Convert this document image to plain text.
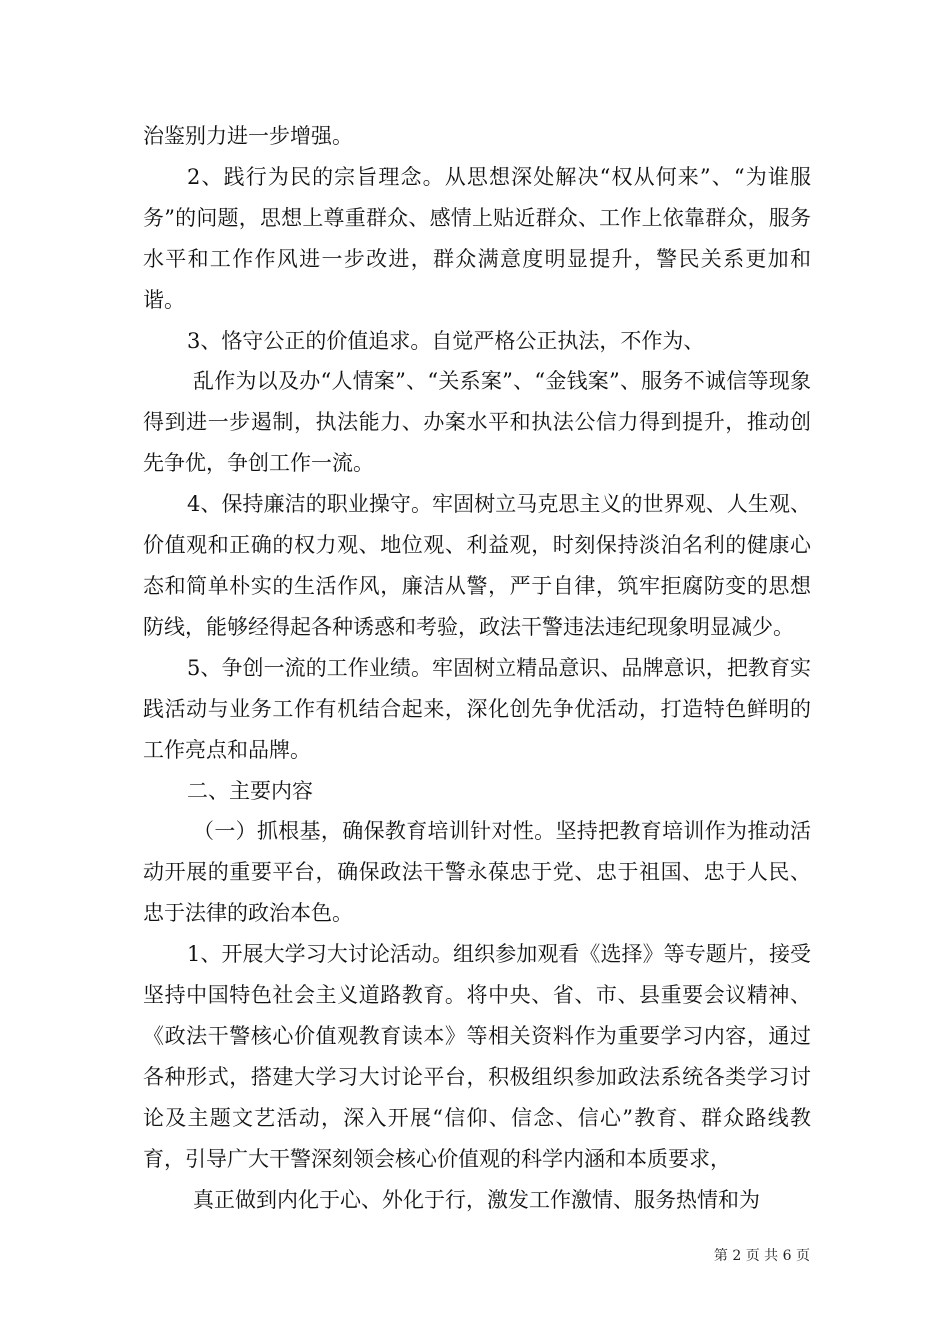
治鉴别力进一步增强。

2、践行为民的宗旨理念。从思想深处解决“权从何来”、“为谁服务”的问题，思想上尊重群众、感情上贴近群众、工作上依靠群众，服务水平和工作作风进一步改进，群众满意度明显提升，警民关系更加和谐。

3、恪守公正的价值追求。自觉严格公正执法，不作为、

乱作为以及办“人情案”、“关系案”、“金钱案”、服务不诚信等现象得到进一步遏制，执法能力、办案水平和执法公信力得到提升，推动创先争优，争创工作一流。

4、保持廉洁的职业操守。牢固树立马克思主义的世界观、人生观、价值观和正确的权力观、地位观、利益观，时刻保持淡泊名利的健康心态和简单朴实的生活作风，廉洁从警，严于自律，筑牢拒腐防变的思想防线，能够经得起各种诱惑和考验，政法干警违法违纪现象明显减少。

5、争创一流的工作业绩。牢固树立精品意识、品牌意识，把教育实践活动与业务工作有机结合起来，深化创先争优活动，打造特色鲜明的工作亮点和品牌。

二、主要内容

（一）抓根基，确保教育培训针对性。坚持把教育培训作为推动活动开展的重要平台，确保政法干警永葆忠于党、忠于祖国、忠于人民、忠于法律的政治本色。

1、开展大学习大讨论活动。组织参加观看《选择》等专题片，接受坚持中国特色社会主义道路教育。将中央、省、市、县重要会议精神、《政法干警核心价值观教育读本》等相关资料作为重要学习内容，通过各种形式，搭建大学习大讨论平台，积极组织参加政法系统各类学习讨论及主题文艺活动，深入开展“信仰、信念、信心”教育、群众路线教育，引导广大干警深刻领会核心价值观的科学内涵和本质要求，

真正做到内化于心、外化于行，激发工作激情、服务热情和为

第 2 页 共 6 页
